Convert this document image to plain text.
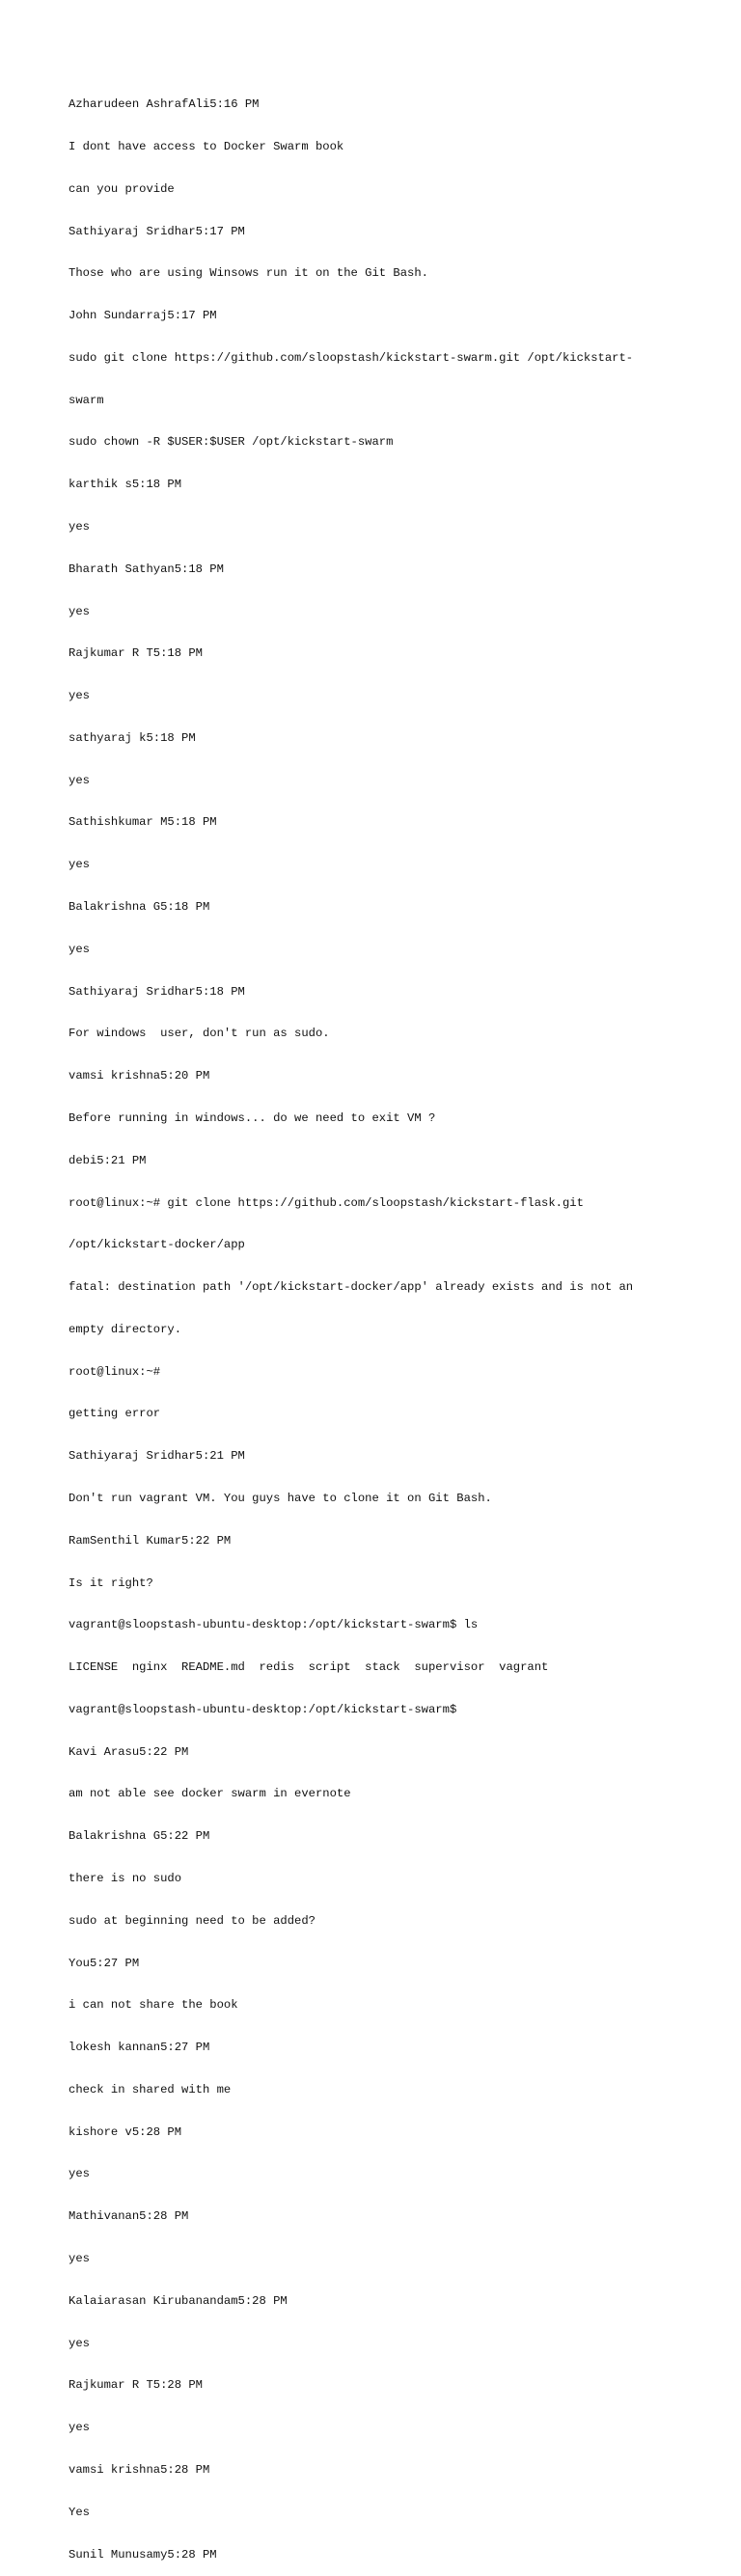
Azharudeen AshrafAli5:16 PM

I dont have access to Docker Swarm book

can you provide

Sathiyaraj Sridhar5:17 PM

Those who are using Winsows run it on the Git Bash.

John Sundarraj5:17 PM

sudo git clone https://github.com/sloopstash/kickstart-swarm.git /opt/kickstart-

swarm

sudo chown -R $USER:$USER /opt/kickstart-swarm

karthik s5:18 PM

yes

Bharath Sathyan5:18 PM

yes

Rajkumar R T5:18 PM

yes

sathyaraj k5:18 PM

yes

Sathishkumar M5:18 PM

yes

Balakrishna G5:18 PM

yes

Sathiyaraj Sridhar5:18 PM

For windows  user, don't run as sudo.

vamsi krishna5:20 PM

Before running in windows... do we need to exit VM ?

debi5:21 PM

root@linux:~# git clone https://github.com/sloopstash/kickstart-flask.git

/opt/kickstart-docker/app

fatal: destination path '/opt/kickstart-docker/app' already exists and is not an

empty directory.

root@linux:~#

getting error

Sathiyaraj Sridhar5:21 PM

Don't run vagrant VM. You guys have to clone it on Git Bash.

RamSenthil Kumar5:22 PM

Is it right?

vagrant@sloopstash-ubuntu-desktop:/opt/kickstart-swarm$ ls

LICENSE  nginx  README.md  redis  script  stack  supervisor  vagrant

vagrant@sloopstash-ubuntu-desktop:/opt/kickstart-swarm$

Kavi Arasu5:22 PM

am not able see docker swarm in evernote

Balakrishna G5:22 PM

there is no sudo

sudo at beginning need to be added?

You5:27 PM

i can not share the book

lokesh kannan5:27 PM

check in shared with me

kishore v5:28 PM

yes

Mathivanan5:28 PM

yes

Kalaiarasan Kirubanandam5:28 PM

yes

Rajkumar R T5:28 PM

yes

vamsi krishna5:28 PM

Yes

Sunil Munusamy5:28 PM
